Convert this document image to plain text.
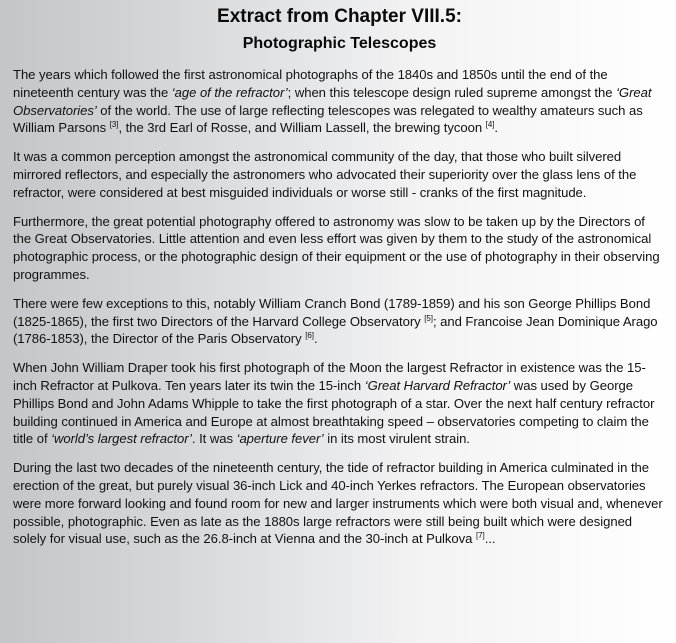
Extract from Chapter VIII.5:
Photographic Telescopes

The years which followed the first astronomical photographs of the 1840s and 1850s until the end of the nineteenth century was the ‘age of the refractor’; when this telescope design ruled supreme amongst the ‘Great Observatories’ of the world. The use of large reflecting telescopes was relegated to wealthy amateurs such as William Parsons [3], the 3rd Earl of Rosse, and William Lassell, the brewing tycoon [4].

It was a common perception amongst the astronomical community of the day, that those who built silvered mirrored reflectors, and especially the astronomers who advocated their superiority over the glass lens of the refractor, were considered at best misguided individuals or worse still - cranks of the first magnitude.

Furthermore, the great potential photography offered to astronomy was slow to be taken up by the Directors of the Great Observatories. Little attention and even less effort was given by them to the study of the astronomical photographic process, or the photographic design of their equipment or the use of photography in their observing programmes.

There were few exceptions to this, notably William Cranch Bond (1789-1859) and his son George Phillips Bond (1825-1865), the first two Directors of the Harvard College Observatory [5]; and Francoise Jean Dominique Arago (1786-1853), the Director of the Paris Observatory [6].

When John William Draper took his first photograph of the Moon the largest Refractor in existence was the 15-inch Refractor at Pulkova. Ten years later its twin the 15-inch ‘Great Harvard Refractor’ was used by George Phillips Bond and John Adams Whipple to take the first photograph of a star. Over the next half century refractor building continued in America and Europe at almost breathtaking speed – observatories competing to claim the title of ‘world’s largest refractor’. It was ‘aperture fever’ in its most virulent strain.

During the last two decades of the nineteenth century, the tide of refractor building in America culminated in the erection of the great, but purely visual 36-inch Lick and 40-inch Yerkes refractors. The European observatories were more forward looking and found room for new and larger instruments which were both visual and, whenever possible, photographic. Even as late as the 1880s large refractors were still being built which were designed solely for visual use, such as the 26.8-inch at Vienna and the 30-inch at Pulkova [7]...
